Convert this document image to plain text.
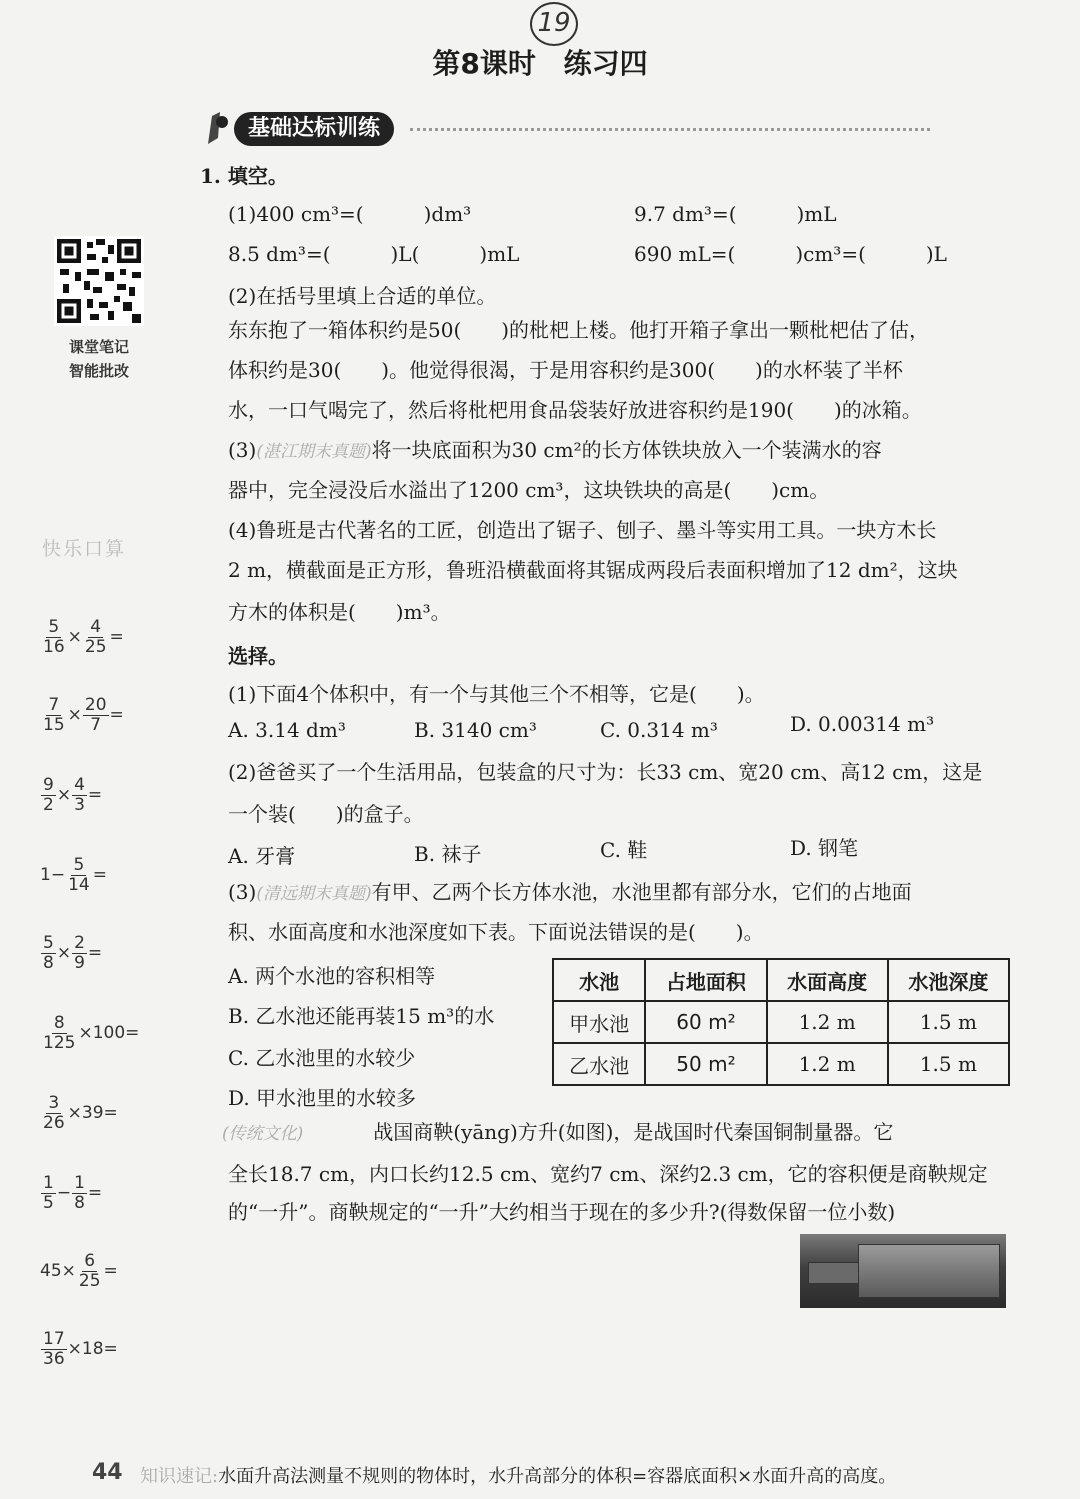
19
第8课时 练习四
基础达标训练
课堂笔记
智能批改
快乐口算
$\frac{5}{16} \times \frac{4}{25}$ =
$\frac{7}{15} \times \frac{20}{7}$ =
$\frac{9}{2} \times \frac{4}{3}$ =
$1- \frac{5}{14}$ =
$\frac{5}{8} \times \frac{2}{9}$ =
$\frac{8}{125} \times 100=$
$\frac{3}{26} \times 39=$
$\frac{1}{5} - \frac{1}{8}$ =
$45\times \frac{6}{25}$ =
$\frac{17}{36} \times 18=$
1. 填空。
(1)400 cm³=(　　　)dm³	9.7 dm³=(　　　)mL
8.5 dm³=(　　　)L(　　　)mL	690 mL=(　　　)cm³=(　　　)L
(2)在括号里填上合适的单位。
东东抱了一箱体积约是50(　　)的枇杷上楼。他打开箱子拿出一颗枇杷估了估，
体积约是30(　　)。他觉得很渴，于是用容积约是300(　　)的水杯装了半杯
水，一口气喝完了，然后将枇杷用食品袋装好放进容积约是190(　　)的冰箱。
(3)(湛江期末真题)将一块底面积为30 cm²的长方体铁块放入一个装满水的容
器中，完全浸没后水溢出了1200 cm³，这块铁块的高是(　　)cm。
(4)鲁班是古代著名的工匠，创造出了锯子、刨子、墨斗等实用工具。一块方木长
2 m，横截面是正方形，鲁班沿横截面将其锯成两段后表面积增加了12 dm²，这块
方木的体积是(　　)m³。
选择。
(1)下面4个体积中，有一个与其他三个不相等，它是(　　)。
A. 3.14 dm³	B. 3140 cm³	C. 0.314 m³	D. 0.00314 m³
(2)爸爸买了一个生活用品，包装盒的尺寸为：长33 cm、宽20 cm、高12 cm，这是
一个装(　　)的盒子。
A. 牙膏	B. 袜子	C. 鞋	D. 钢笔
(3)(清远期末真题)有甲、乙两个长方体水池，水池里都有部分水，它们的占地面
积、水面高度和水池深度如下表。下面说法错误的是(　　)。
A. 两个水池的容积相等
B. 乙水池还能再装15 m³的水
C. 乙水池里的水较少
D. 甲水池里的水较多
水池	占地面积	水面高度	水池深度
甲水池	60 m²	1.2 m	1.5 m
乙水池	50 m²	1.2 m	1.5 m
(传统文化)	战国商鞅(yāng)方升(如图)，是战国时代秦国铜制量器。它
全长18.7 cm，内口长约12.5 cm、宽约7 cm、深约2.3 cm，它的容积便是商鞅规定
的“一升”。商鞅规定的“一升”大约相当于现在的多少升?(得数保留一位小数)
44 知识速记:水面升高法测量不规则的物体时，水升高部分的体积=容器底面积×水面升高的高度。
